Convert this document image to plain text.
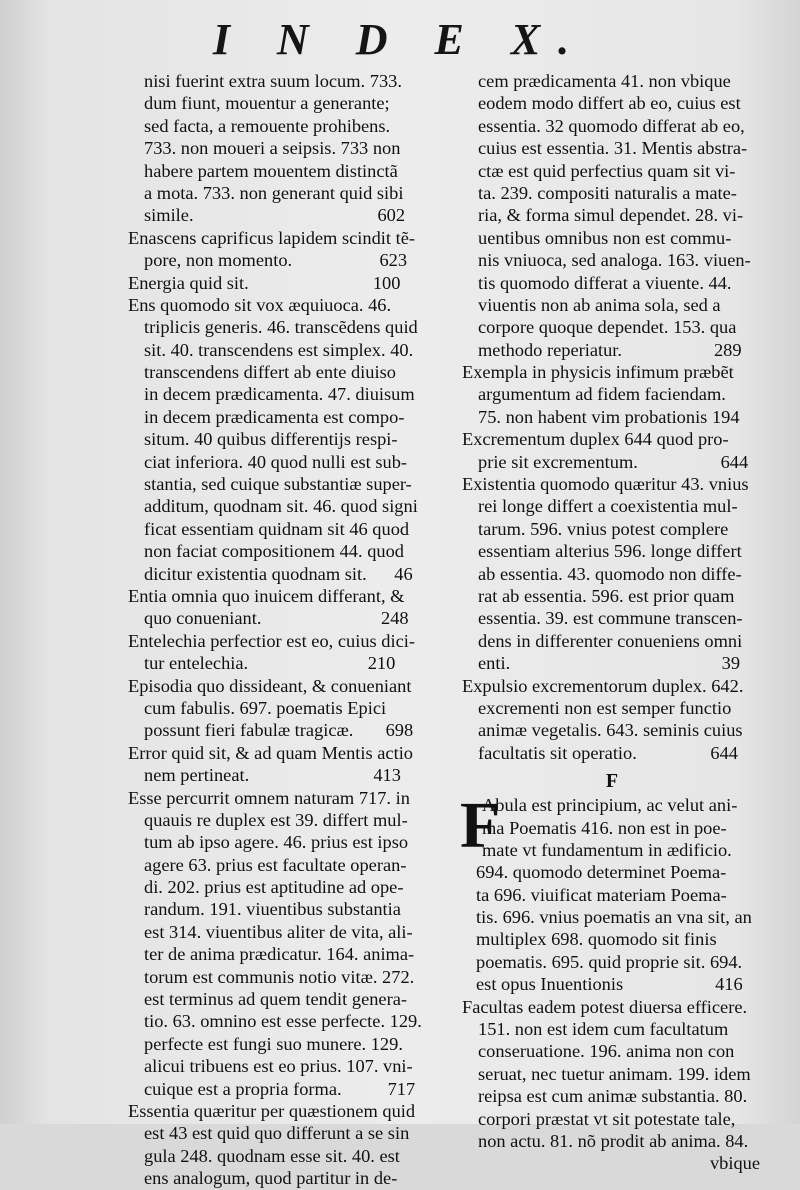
I N D E X.
nisi fuerint extra suum locum. 733.
dum fiunt, mouentur a generante;
sed facta, a remouente prohibens.
733. non moueri a seipsis. 733 non
habere partem mouentem distinctã
a mota. 733. non generant quid sibi
simile.                                        602
Enascens caprificus lapidem scindit tẽ-
pore, non momento.                   623
Energia quid sit.                           100
Ens quomodo sit vox æquiuoca. 46.
triplicis generis. 46. transcẽdens quid
sit. 40. transcendens est simplex. 40.
transcendens differt ab ente diuiso
in decem prædicamenta. 47. diuisum
in decem prædicamenta est compo-
situm. 40 quibus differentijs respi-
ciat inferiora. 40 quod nulli est sub-
stantia, sed cuique substantiæ super-
additum, quodnam sit. 46. quod signi
ficat essentiam quidnam sit 46 quod
non faciat compositionem 44. quod
dicitur existentia quodnam sit.      46
Entia omnia quo inuicem differant, &
quo conueniant.                          248
Entelechia perfectior est eo, cuius dici-
tur entelechia.                          210
Episodia quo dissideant, & conueniant
cum fabulis. 697. poematis Epici
possunt fieri fabulæ tragicæ.       698
Error quid sit, & ad quam Mentis actio
nem pertineat.                           413
Esse percurrit omnem naturam 717. in
quauis re duplex est 39. differt mul-
tum ab ipso agere. 46. prius est ipso
agere 63. prius est facultate operan-
di. 202. prius est aptitudine ad ope-
randum. 191. viuentibus substantia
est 314. viuentibus aliter de vita, ali-
ter de anima prædicatur. 164. anima-
torum est communis notio vitæ. 272.
est terminus ad quem tendit genera-
tio. 63. omnino est esse perfecte. 129.
perfecte est fungi suo munere. 129.
alicui tribuens est eo prius. 107. vni-
cuique est a propria forma.          717
Essentia quæritur per quæstionem quid
est 43 est quid quo differunt a se sin
gula 248. quodnam esse sit. 40. est
ens analogum, quod partitur in de-
cem prædicamenta 41. non vbique
eodem modo differt ab eo, cuius est
essentia. 32 quomodo differat ab eo,
cuius est essentia. 31. Mentis abstra-
ctæ est quid perfectius quam sit vi-
ta. 239. compositi naturalis a mate-
ria, & forma simul dependet. 28. vi-
uentibus omnibus non est commu-
nis vniuoca, sed analoga. 163. viuen-
tis quomodo differat a viuente. 44.
viuentis non ab anima sola, sed a
corpore quoque dependet. 153. qua
methodo reperiatur.                    289
Exempla in physicis infimum præbẽt
argumentum ad fidem faciendam.
75. non habent vim probationis 194
Excrementum duplex 644 quod pro-
prie sit excrementum.                  644
Existentia quomodo quæritur 43. vnius
rei longe differt a coexistentia mul-
tarum. 596. vnius potest complere
essentiam alterius 596. longe differt
ab essentia. 43. quomodo non diffe-
rat ab essentia. 596. est prior quam
essentia. 39. est commune transcen-
dens in differenter conueniens omni
enti.                                              39
Expulsio excrementorum duplex. 642.
excrementi non est semper functio
animæ vegetalis. 643. seminis cuius
facultatis sit operatio.                644
F
F
Abula est principium, ac velut ani-
ma Poematis 416. non est in poe-
mate vt fundamentum in ædificio.
694. quomodo determinet Poema-
ta 696. viuificat materiam Poema-
tis. 696. vnius poematis an vna sit, an
multiplex 698. quomodo sit finis
poematis. 695. quid proprie sit. 694.
est opus Inuentionis                    416
Facultas eadem potest diuersa efficere.
151. non est idem cum facultatum
conseruatione. 196. anima non con
seruat, nec tuetur animam. 199. idem
reipsa est cum animæ substantia. 80.
corpori præstat vt sit potestate tale,
non actu. 81. nõ prodit ab anima. 84.
vbique
